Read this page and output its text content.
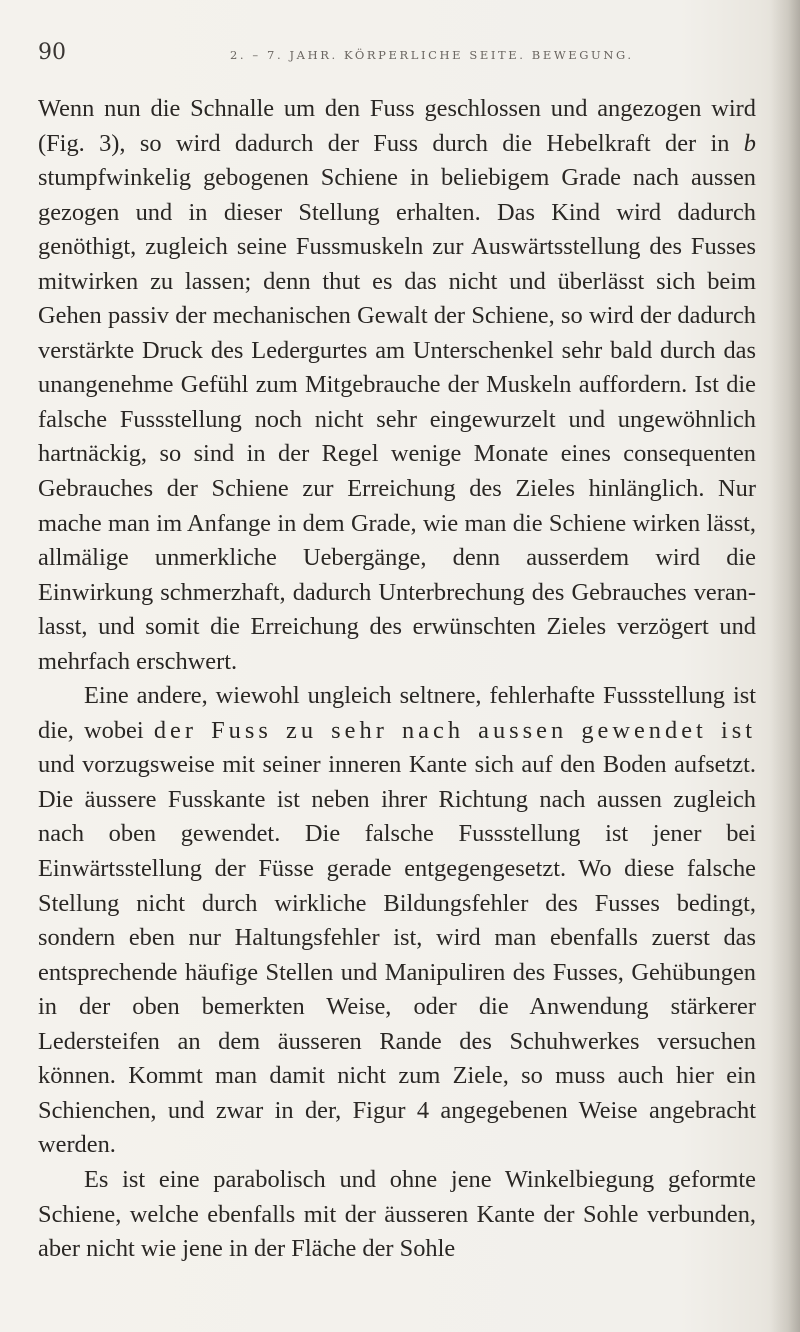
90	2. – 7. JAHR. KÖRPERLICHE SEITE. BEWEGUNG.

Wenn nun die Schnalle um den Fuss geschlossen und angezogen wird (Fig. 3), so wird dadurch der Fuss durch die Hebelkraft der in b stumpfwinkelig gebogenen Schiene in beliebigem Grade nach aussen gezogen und in dieser Stellung erhalten. Das Kind wird dadurch genöthigt, zugleich seine Fussmuskeln zur Auswärtsstellung des Fusses mitwirken zu lassen; denn thut es das nicht und überlässt sich beim Gehen passiv der mechanischen Gewalt der Schiene, so wird der dadurch verstärkte Druck des Ledergurtes am Unterschenkel sehr bald durch das unangenehme Gefühl zum Mitgebrauche der Muskeln auffordern. Ist die falsche Fussstellung noch nicht sehr eingewurzelt und ungewöhnlich hartnäckig, so sind in der Regel wenige Monate eines consequenten Gebrauches der Schiene zur Erreichung des Zieles hinlänglich. Nur mache man im Anfange in dem Grade, wie man die Schiene wirken lässt, allmälige unmerkliche Uebergänge, denn ausserdem wird die Einwirkung schmerzhaft, dadurch Unterbrechung des Gebrauches veranlasst, und somit die Erreichung des erwünschten Zieles verzögert und mehrfach erschwert.

Eine andere, wiewohl ungleich seltnere, fehlerhafte Fussstellung ist die, wobei der Fuss zu sehr nach aussen gewendet ist und vorzugsweise mit seiner inneren Kante sich auf den Boden aufsetzt. Die äussere Fusskante ist neben ihrer Richtung nach aussen zugleich nach oben gewendet. Die falsche Fussstellung ist jener bei Einwärtsstellung der Füsse gerade entgegengesetzt. Wo diese falsche Stellung nicht durch wirkliche Bildungsfehler des Fusses bedingt, sondern eben nur Haltungsfehler ist, wird man ebenfalls zuerst das entsprechende häufige Stellen und Manipuliren des Fusses, Gehübungen in der oben bemerkten Weise, oder die Anwendung stärkerer Ledersteifen an dem äusseren Rande des Schuhwerkes versuchen können. Kommt man damit nicht zum Ziele, so muss auch hier ein Schienchen, und zwar in der, Figur 4 angegebenen Weise angebracht werden.

Es ist eine parabolisch und ohne jene Winkelbiegung geformte Schiene, welche ebenfalls mit der äusseren Kante der Sohle verbunden, aber nicht wie jene in der Fläche der Sohle
